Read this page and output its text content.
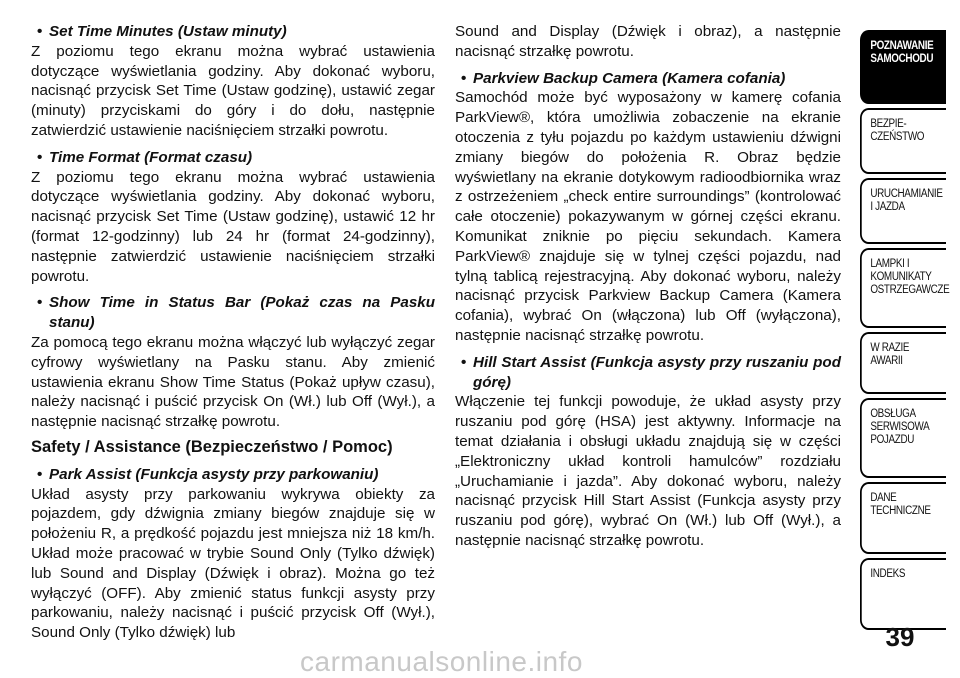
• Set Time Minutes (Ustaw minuty)

Z poziomu tego ekranu można wybrać ustawienia dotyczące wyświetlania godziny. Aby dokonać wyboru, nacisnąć przycisk Set Time (Ustaw godzinę), ustawić zegar (minuty) przyciskami do góry i do dołu, następnie zatwierdzić ustawienie naciśnięciem strzałki powrotu.

• Time Format (Format czasu)

Z poziomu tego ekranu można wybrać ustawienia dotyczące wyświetlania godziny. Aby dokonać wyboru, nacisnąć przycisk Set Time (Ustaw godzinę), ustawić 12 hr (format 12-godzinny) lub 24 hr (format 24-godzinny), następnie zatwierdzić ustawienie naciśnięciem strzałki powrotu.

• Show Time in Status Bar (Pokaż czas na Pasku stanu)

Za pomocą tego ekranu można włączyć lub wyłączyć zegar cyfrowy wyświetlany na Pasku stanu. Aby zmienić ustawienia ekranu Show Time Status (Pokaż upływ czasu), należy nacisnąć i puścić przycisk On (Wł.) lub Off (Wył.), a następnie nacisnąć strzałkę powrotu.

Safety / Assistance (Bezpieczeństwo / Pomoc)

• Park Assist (Funkcja asysty przy parkowaniu)

Układ asysty przy parkowaniu wykrywa obiekty za pojazdem, gdy dźwignia zmiany biegów znajduje się w położeniu R, a prędkość pojazdu jest mniejsza niż 18 km/h. Układ może pracować w trybie Sound Only (Tylko dźwięk) lub Sound and Display (Dźwięk i obraz). Można go też wyłączyć (OFF). Aby zmienić status funkcji asysty przy parkowaniu, należy nacisnąć i puścić przycisk Off (Wył.), Sound Only (Tylko dźwięk) lub

Sound and Display (Dźwięk i obraz), a następnie nacisnąć strzałkę powrotu.

• Parkview Backup Camera (Kamera cofania)

Samochód może być wyposażony w kamerę cofania ParkView®, która umożliwia zobaczenie na ekranie otoczenia z tyłu pojazdu po każdym ustawieniu dźwigni zmiany biegów do położenia R. Obraz będzie wyświetlany na ekranie dotykowym radioodbiornika wraz z ostrzeżeniem „check entire surroundings” (kontrolować całe otoczenie) pokazywanym w górnej części ekranu. Komunikat zniknie po pięciu sekundach. Kamera ParkView® znajduje się w tylnej części pojazdu, nad tylną tablicą rejestracyjną. Aby dokonać wyboru, należy nacisnąć przycisk Parkview Backup Camera (Kamera cofania), wybrać On (włączona) lub Off (wyłączona), następnie nacisnąć strzałkę powrotu.

• Hill Start Assist (Funkcja asysty przy ruszaniu pod górę)

Włączenie tej funkcji powoduje, że układ asysty przy ruszaniu pod górę (HSA) jest aktywny. Informacje na temat działania i obsługi układu znajdują się w części „Elektroniczny układ kontroli hamulców” rozdziału „Uruchamianie i jazda”. Aby dokonać wyboru, należy nacisnąć przycisk Hill Start Assist (Funkcja asysty przy ruszaniu pod górę), wybrać On (Wł.) lub Off (Wył.), a następnie nacisnąć strzałkę powrotu.

POZNAWANIE
SAMOCHODU
BEZPIE-
CZEŃSTWO
URUCHAMIANIE
I JAZDA
LAMPKI I
KOMUNIKATY
OSTRZEGAWCZE
W RAZIE
AWARII
OBSŁUGA
SERWISOWA
POJAZDU
DANE
TECHNICZNE
INDEKS
39
carmanualsonline.info
